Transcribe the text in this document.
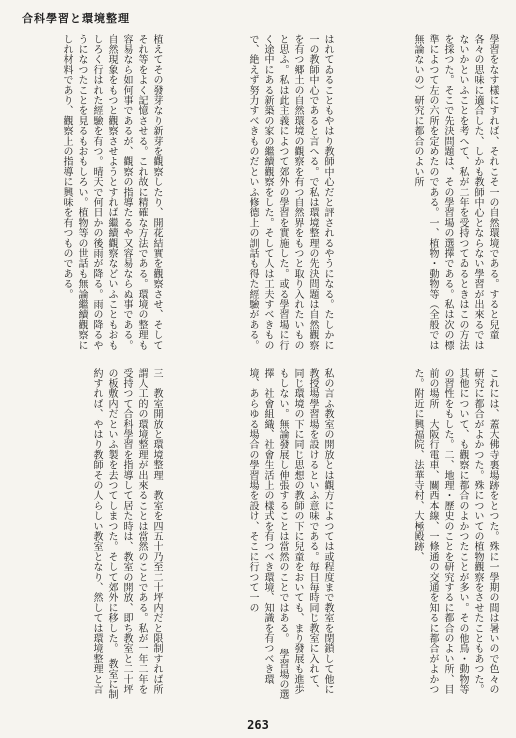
合科學習と環境整理
植えてその發芽なり新芽を觀察したり、開花結實を觀察させ、そしてそれ等をよく記憶させる。これ故に精確な方法である。環境の整理も容易なら如何事であるが、觀察の指導たるや又容易ならぬ事である。自然現象をもつと觀察させようとすれば繼續觀察などいふこともおもしろく行はれた經驗を有つ。晴天で何日かの後雨が降る。雨の降るやうになつたことを見るもおもしろい。植物等の世話も無論繼續觀察にしれ材料であり、觀察上の指導に興味を有つものである。	はれてゐることもやはり教師中心だと評されるやうになる。たしかに一の教師中心であると言へる。で私は環境整理の先決問題は自然觀察を有つ郷土の自然環境の觀察を有つ自然界をもつと取り入れたいものと思ふ。私は此主義によつて郊外の學習を實施した。或る學習場に行く途中にある新築の家の繼續觀察をした。そして人は工夫すべきもので、絶えず努力すべきものだといふ修德上の訓話も得た經驗がある。	學習をなす樣にすれば、それこそ一の自然環境である。すると兒童各々の思味に適合した、しかも教師中心とならない學習が出來るではないかといふことを考へて、私が二年を受持つてゐるときはこの方法を採つた。そこで先決問題は、その學習場の選擇である。私は次の標準によつて左の六所を定めたのである。一、植物・動物等（全般では無論ないの）研究に都合のよい所
三　教室開放と環境整理　教室を四五十乃至二十坪内だと限制すれば所謂人工的の環境整理が出來ることは當然のことである。私が一年二年を受持つて合科學習を指導して居た時は、教室の開放、即ち教室と二十坪の板敷内だといふ製を去つてしまつた。そして郊外に移した。　教室に制約すれば、やはり教師その人らしい教室となり、然しては環境整理と言	私の言ふ教室の開放とは觀方によつては或程度まで教室を閉鎖して他に教授場學習場を設けるといふ意味である。毎日毎時同じ教室に入れて、同じ環境の下に同じ思想の教師の下に兒童をおいても、まり發展も進歩もしない。無論發展し伸張することは當然のことではある。　學習場の選擇　社會組織、社會生活上の樣式を有つべき環境、知識を有つべき環境、あらゆる場合の學習場を設け、そこに行つて一の	これには、蓋大佛寺裏場跡をとつた。殊に一學期の間は暑いので色々の研究に都合がよかつた。殊についての植物觀察をさせたこともあつた。其他について、も觀察に都合のよかつたことが多い。その他鳥・動物等の習性をもした。二、地理・歷史のことを研究するに都合のよい所、目前の場所　大阪行電車、關西本線、一條通の交通を知るに都合がよかつた。附近に興福院、法華寺村、大極殿跡、
263
